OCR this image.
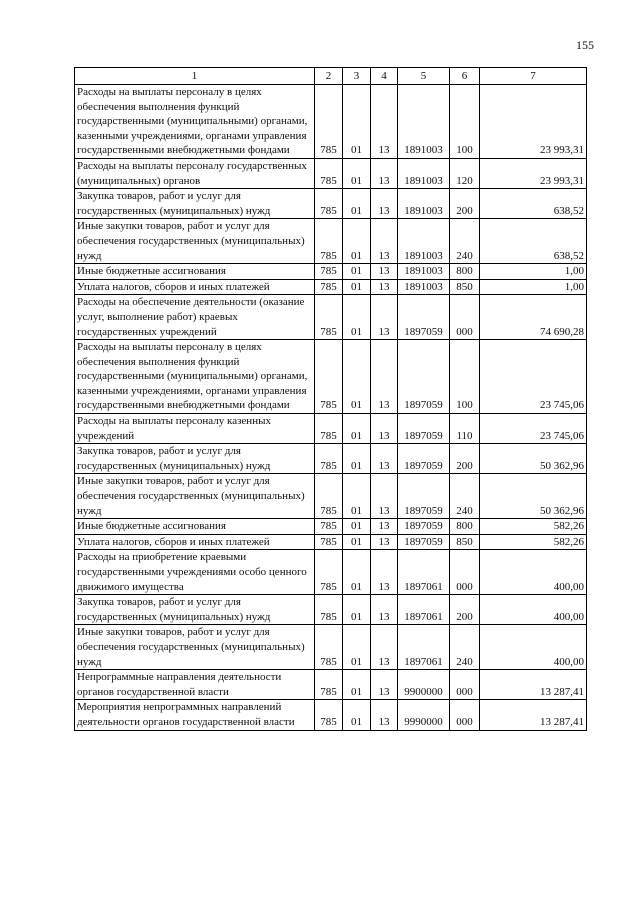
155
1	2	3	4	5	6	7
Расходы на выплаты персоналу в целях обеспечения выполнения функций государственными (муниципальными) органами, казенными учреждениями, органами управления государственными внебюджетными фондами	785	01	13	1891003	100	23 993,31
Расходы на выплаты персоналу государственных (муниципальных) органов	785	01	13	1891003	120	23 993,31
Закупка товаров, работ и услуг для государственных (муниципальных) нужд	785	01	13	1891003	200	638,52
Иные закупки товаров, работ и услуг для обеспечения государственных (муниципальных) нужд	785	01	13	1891003	240	638,52
Иные бюджетные ассигнования	785	01	13	1891003	800	1,00
Уплата налогов, сборов и иных платежей	785	01	13	1891003	850	1,00
Расходы на обеспечение деятельности (оказание услуг, выполнение работ) краевых государственных учреждений	785	01	13	1897059	000	74 690,28
Расходы на выплаты персоналу в целях обеспечения выполнения функций государственными (муниципальными) органами, казенными учреждениями, органами управления государственными внебюджетными фондами	785	01	13	1897059	100	23 745,06
Расходы на выплаты персоналу казенных учреждений	785	01	13	1897059	110	23 745,06
Закупка товаров, работ и услуг для государственных (муниципальных) нужд	785	01	13	1897059	200	50 362,96
Иные закупки товаров, работ и услуг для обеспечения государственных (муниципальных) нужд	785	01	13	1897059	240	50 362,96
Иные бюджетные ассигнования	785	01	13	1897059	800	582,26
Уплата налогов, сборов и иных платежей	785	01	13	1897059	850	582,26
Расходы на приобретение краевыми государственными учреждениями особо ценного движимого имущества	785	01	13	1897061	000	400,00
Закупка товаров, работ и услуг для государственных (муниципальных) нужд	785	01	13	1897061	200	400,00
Иные закупки товаров, работ и услуг для обеспечения государственных (муниципальных) нужд	785	01	13	1897061	240	400,00
Непрограммные направления деятельности органов государственной власти	785	01	13	9900000	000	13 287,41
Мероприятия непрограммных направлений деятельности органов государственной власти	785	01	13	9990000	000	13 287,41
